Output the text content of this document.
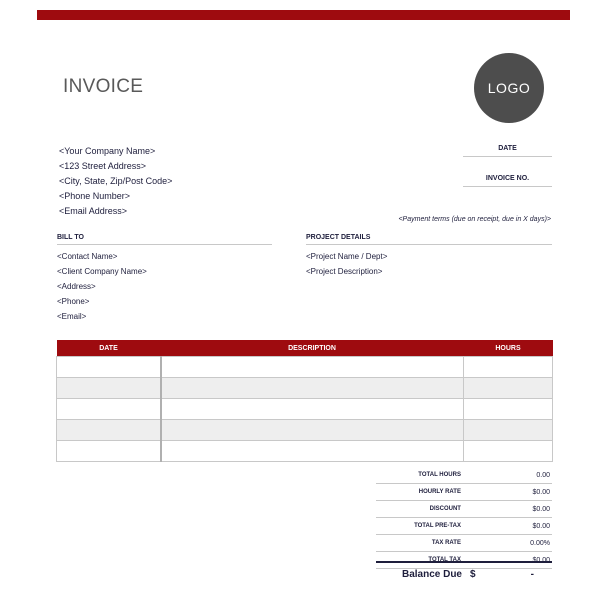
INVOICE	LOGO
<Your Company Name>
<123 Street Address>
<City, State, Zip/Post Code>
<Phone Number>
<Email Address>
DATE
INVOICE NO.
<Payment terms (due on receipt, due in X days)>
BILL TO
<Contact Name>
<Client Company Name>
<Address>
<Phone>
<Email>
PROJECT DETAILS
<Project Name / Dept>
<Project Description>
DATE	DESCRIPTION	HOURS

TOTAL HOURS	0.00
HOURLY RATE	$0.00
DISCOUNT	$0.00
TOTAL PRE-TAX	$0.00
TAX RATE	0.00%
TOTAL TAX	$0.00
Balance Due $	-
